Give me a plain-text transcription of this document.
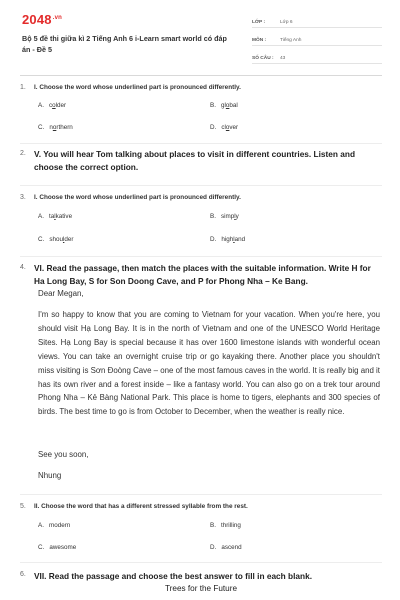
$2048^{.vn}$
Bộ 5 đề thi giữa kì 2 Tiếng Anh 6 i-Learn smart world có đáp án - Đề 5
LỚP :	Lớp 6
MÔN :	Tiếng Anh
SỐ CÂU :	43
1. I. Choose the word whose underlined part is pronounced differently.
A. colder	B. global
C. northern	D. clover
2. V. You will hear Tom talking about places to visit in different countries. Listen and choose the correct option.
3. I. Choose the word whose underlined part is pronounced differently.
A. talkative	B. simply
C. shoulder	D. highland
4. VI. Read the passage, then match the places with the suitable information. Write H for Ha Long Bay, S for Son Doong Cave, and P for Phong Nha – Ke Bang.
Dear Megan,
I'm so happy to know that you are coming to Vietnam for your vacation. When you're here, you should visit Hạ Long Bay. It is in the north of Vietnam and one of the UNESCO World Heritage Sites. Hạ Long Bay is special because it has over 1600 limestone islands with wonderful ocean views. You can take an overnight cruise trip or go kayaking there. Another place you shouldn't miss visiting is Sơn Đoòng Cave – one of the most famous caves in the world. It is really big and it has its own river and a forest inside – like a fantasy world. You can also go on a trek tour around Phong Nha – Kẻ Bàng National Park. This place is home to tigers, elephants and 300 species of birds. The best time to go is from October to December, when the weather is really nice.
See you soon,
Nhung
5. II. Choose the word that has a different stressed syllable from the rest.
A. modern	B. thrilling
C. awesome	D. ascend
6. VII. Read the passage and choose the best answer to fill in each blank.
Trees for the Future
